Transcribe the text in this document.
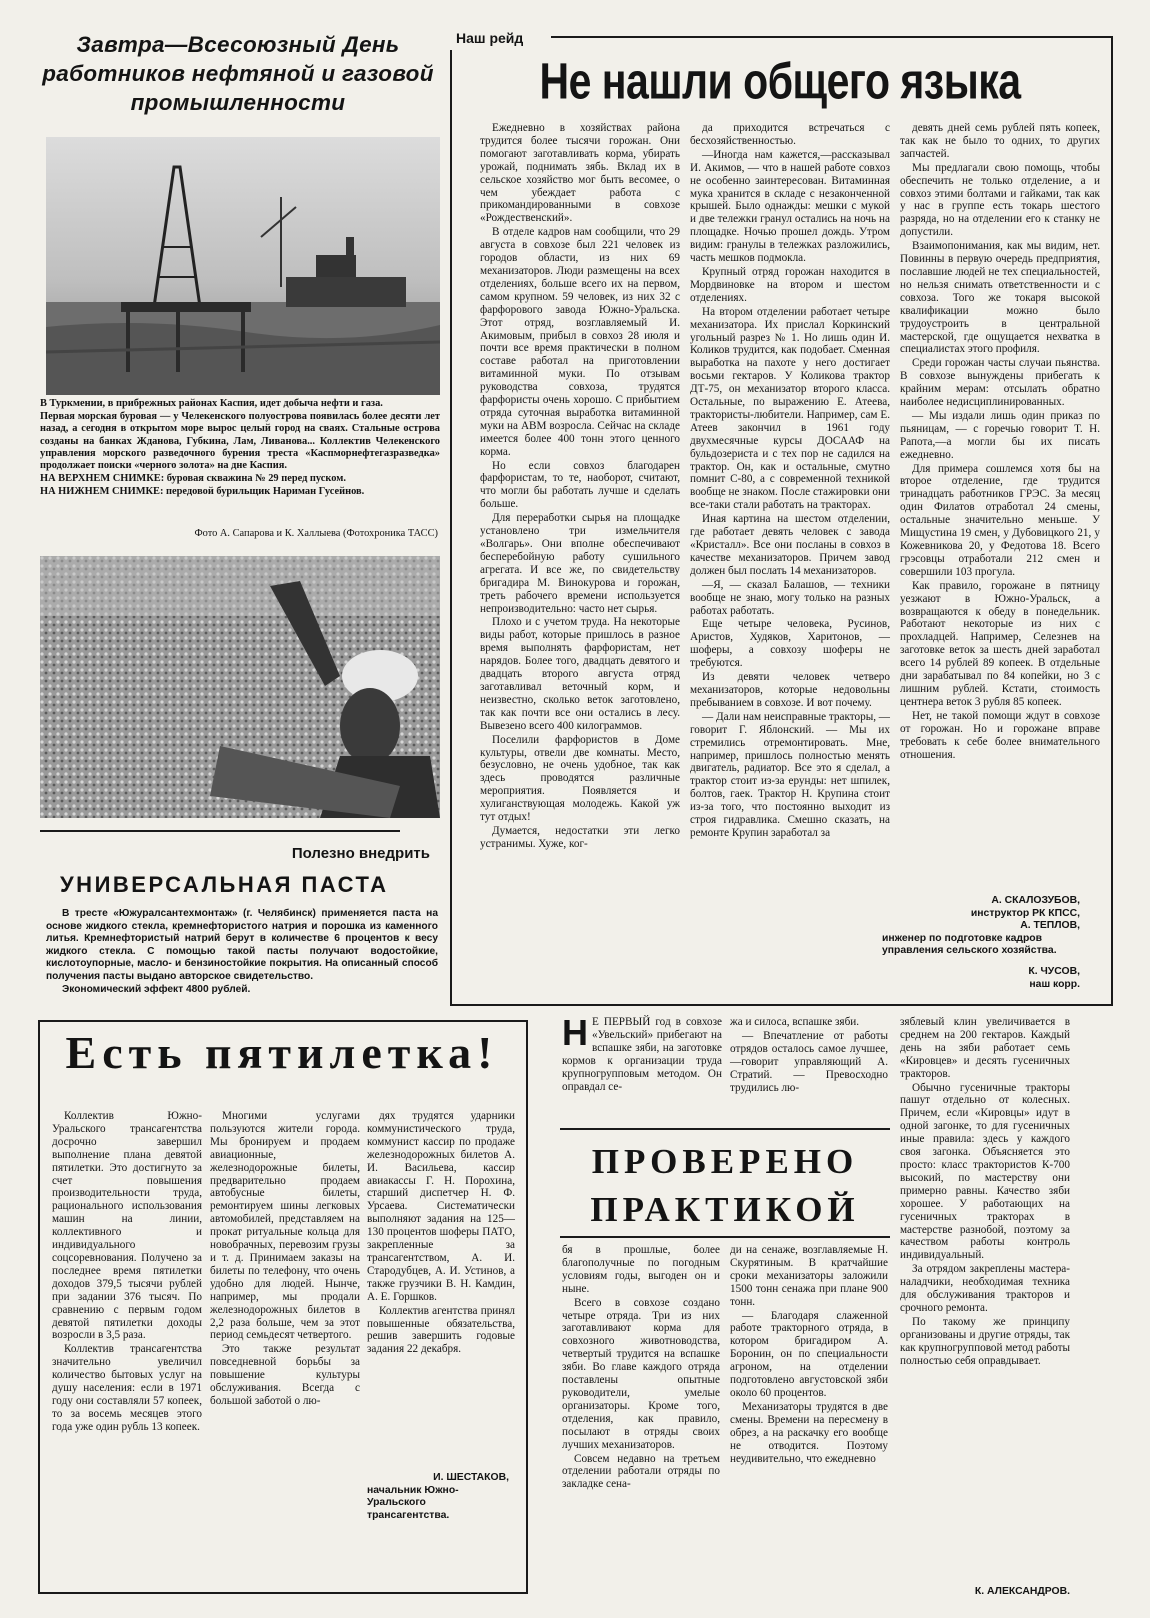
Завтра—Всесоюзный День работников нефтяной и газовой промышленности

В Туркмении, в прибрежных районах Каспия, идет добыча нефти и газа.

Первая морская буровая — у Челекенского полуострова появилась более десяти лет назад, а сегодня в открытом море вырос целый город на сваях. Стальные острова созданы на банках Жданова, Губкина, Лам, Ливанова... Коллектив Челекенского управления морского разведочного бурения треста «Каспморнефтегазразведка» продолжает поиски «черного золота» на дне Каспия.

НА ВЕРХНЕМ СНИМКЕ: буровая скважина № 29 перед пуском.

НА НИЖНЕМ СНИМКЕ: передовой бурильщик Нариман Гусейнов.

Фото А. Сапарова и К. Халлыева (Фотохроника ТАСС)
Полезно внедрить
УНИВЕРСАЛЬНАЯ ПАСТА

В тресте «Южуралсантехмонтаж» (г. Челябинск) применяется паста на основе жидкого стекла, кремнефтористого натрия и порошка из каменного литья. Кремнефтористый натрий берут в количестве 6 процентов к весу жидкого стекла. С помощью такой пасты получают водостойкие, кислотоупорные, масло- и бензиностойкие покрытия. На описанный способ получения пасты выдано авторское свидетельство.

Экономический эффект 4800 рублей.

Наш рейд
Не нашли общего языка

Ежедневно в хозяйствах района трудится более тысячи горожан. Они помогают заготавливать корма, убирать урожай, поднимать зябь. Вклад их в сельское хозяйство мог быть весомее, о чем убеждает работа с прикомандированными в совхозе «Рождественский».

В отделе кадров нам сообщили, что 29 августа в совхозе был 221 человек из городов области, из них 69 механизаторов. Люди размещены на всех отделениях, больше всего их на первом, самом крупном. 59 человек, из них 32 с фарфорового завода Южно-Уральска. Этот отряд, возглавляемый И. Акимовым, прибыл в совхоз 28 июля и почти все время практически в полном составе работал на приготовлении витаминной муки. По отзывам руководства совхоза, трудятся фарфористы очень хорошо. С прибытием отряда суточная выработка витаминной муки на АВМ возросла. Сейчас на складе имеется более 400 тонн этого ценного корма.

Но если совхоз благодарен фарфористам, то те, наоборот, считают, что могли бы работать лучше и сделать больше.

Для переработки сырья на площадке установлено три измельчителя «Волгарь». Они вполне обеспечивают бесперебойную работу сушильного агрегата. И все же, по свидетельству бригадира М. Винокурова и горожан, треть рабочего времени используется непроизводительно: часто нет сырья.

Плохо и с учетом труда. На некоторые виды работ, которые пришлось в разное время выполнять фарфористам, нет нарядов. Более того, двадцать девятого и двадцать второго августа отряд заготавливал веточный корм, и неизвестно, сколько веток заготовлено, так как почти все они остались в лесу. Вывезено всего 400 килограммов.

Поселили фарфористов в Доме культуры, отвели две комнаты. Место, безусловно, не очень удобное, так как здесь проводятся различные мероприятия. Появляется и хулиганствующая молодежь. Какой уж тут отдых!

Думается, недостатки эти легко устранимы. Хуже, ког-

да приходится встречаться с бесхозяйственностью.

—Иногда нам кажется,—рассказывал И. Акимов, — что в нашей работе совхоз не особенно заинтересован. Витаминная мука хранится в складе с незаконченной крышей. Было однажды: мешки с мукой и две тележки гранул остались на ночь на площадке. Ночью прошел дождь. Утром видим: гранулы в тележках разложились, часть мешков подмокла.

Крупный отряд горожан находится в Мордвиновке на втором и шестом отделениях.

На втором отделении работает четыре механизатора. Их прислал Коркинский угольный разрез № 1. Но лишь один И. Коликов трудится, как подобает. Сменная выработка на пахоте у него достигает восьми гектаров. У Коликова трактор ДТ-75, он механизатор второго класса. Остальные, по выражению Е. Атеева, трактористы-любители. Например, сам Е. Атеев закончил в 1961 году двухмесячные курсы ДОСААФ на бульдозериста и с тех пор не садился на трактор. Он, как и остальные, смутно помнит С-80, а с современной техникой вообще не знаком. После стажировки они все-таки стали работать на тракторах.

Иная картина на шестом отделении, где работает девять человек с завода «Кристалл». Все они посланы в совхоз в качестве механизаторов. Причем завод должен был послать 14 механизаторов.

—Я, — сказал Балашов, — техники вообще не знаю, могу только на разных работах работать.

Еще четыре человека, Русинов, Аристов, Худяков, Харитонов, — шоферы, а совхозу шоферы не требуются.

Из девяти человек четверо механизаторов, которые недовольны пребыванием в совхозе. И вот почему.

— Дали нам неисправные тракторы, — говорит Г. Яблонский. — Мы их стремились отремонтировать. Мне, например, пришлось полностью менять двигатель, радиатор. Все это я сделал, а трактор стоит из-за ерунды: нет шпилек, болтов, гаек. Трактор Н. Крупина стоит из-за того, что постоянно выходит из строя гидравлика. Смешно сказать, на ремонте Крупин заработал за

девять дней семь рублей пять копеек, так как не было то одних, то других запчастей.

Мы предлагали свою помощь, чтобы обеспечить не только отделение, а и совхоз этими болтами и гайками, так как у нас в группе есть токарь шестого разряда, но на отделении его к станку не допустили.

Взаимопонимания, как мы видим, нет. Повинны в первую очередь предприятия, пославшие людей не тех специальностей, но нельзя снимать ответственности и с совхоза. Того же токаря высокой квалификации можно было трудоустроить в центральной мастерской, где ощущается нехватка в специалистах этого профиля.

Среди горожан часты случаи пьянства. В совхозе вынуждены прибегать к крайним мерам: отсылать обратно наиболее недисциплинированных.

— Мы издали лишь один приказ по пьяницам, — с горечью говорит Т. Н. Рапота,—а могли бы их писать ежедневно.

Для примера сошлемся хотя бы на второе отделение, где трудится тринадцать работников ГРЭС. За месяц один Филатов отработал 24 смены, остальные значительно меньше. У Мищустина 19 смен, у Дубовицкого 21, у Кожевникова 20, у Федотова 18. Всего грэсовцы отработали 212 смен и совершили 103 прогула.

Как правило, горожане в пятницу уезжают в Южно-Уральск, а возвращаются к обеду в понедельник. Работают некоторые из них с прохладцей. Например, Селезнев на заготовке веток за шесть дней заработал всего 14 рублей 89 копеек. В отдельные дни зарабатывал по 84 копейки, но 3 с лишним рублей. Кстати, стоимость центнера веток 3 рубля 85 копеек.

Нет, не такой помощи ждут в совхозе от горожан. Но и горожане вправе требовать к себе более внимательного отношения.

А. СКАЛОЗУБОВ,
инструктор РК КПСС,
А. ТЕПЛОВ,
инженер по подготовке кадров управления сельского хозяйства.
К. ЧУСОВ,
наш корр.
Есть пятилетка!

Коллектив Южно-Уральского трансагентства досрочно завершил выполнение плана девятой пятилетки. Это достигнуто за счет повышения производительности труда, рационального использования машин на линии, коллективного и индивидуального соцсоревнования. Получено за последнее время пятилетки доходов 379,5 тысячи рублей при задании 376 тысяч. По сравнению с первым годом девятой пятилетки доходы возросли в 3,5 раза.

Коллектив трансагентства значительно увеличил количество бытовых услуг на душу населения: если в 1971 году они составляли 57 копеек, то за восемь месяцев этого года уже один рубль 13 копеек.

Многими услугами пользуются жители города. Мы бронируем и продаем авиационные, железнодорожные билеты, предварительно продаем автобусные билеты, ремонтируем шины легковых автомобилей, представляем на прокат ритуальные кольца для новобрачных, перевозим грузы и т. д. Принимаем заказы на билеты по телефону, что очень удобно для людей. Нынче, например, мы продали железнодорожных билетов в 2,2 раза больше, чем за этот период семьдесят четвертого.

Это также результат повседневной борьбы за повышение культуры обслуживания. Всегда с большой заботой о лю-

дях трудятся ударники коммунистического труда, коммунист кассир по продаже железнодорожных билетов А. И. Васильева, кассир авиакассы Г. Н. Порохина, старший диспетчер Н. Ф. Урсаева. Систематически выполняют задания на 125—130 процентов шоферы ПАТО, закрепленные за трансагентством, А. И. Стародубцев, А. И. Устинов, а также грузчики В. Н. Камдин, А. Е. Горшков.

Коллектив агентства принял повышенные обязательства, решив завершить годовые задания 22 декабря.

И. ШЕСТАКОВ,
начальник Южно-Уральского трансагентства.
Н Е ПЕРВЫЙ год в совхозе «Увельский» прибегают на вспашке зяби, на заготовке кормов к организации труда крупногрупповым методом. Он оправдал се-

жа и силоса, вспашке зяби.

— Впечатление от работы отрядов осталось самое лучшее,—говорит управляющий А. Стратий. — Превосходно трудились лю-

ПРОВЕРЕНО ПРАКТИКОЙ

бя в прошлые, более благополучные по погодным условиям годы, выгоден он и ныне.

Всего в совхозе создано четыре отряда. Три из них заготавливают корма для совхозного животноводства, четвертый трудится на вспашке зяби. Во главе каждого отряда поставлены опытные руководители, умелые организаторы. Кроме того, отделения, как правило, посылают в отряды своих лучших механизаторов.

Совсем недавно на третьем отделении работали отряды по закладке сена-

ди на сенаже, возглавляемые Н. Скурятиным. В кратчайшие сроки механизаторы заложили 1500 тонн сенажа при плане 900 тонн.

— Благодаря слаженной работе тракторного отряда, в котором бригадиром А. Боронин, он по специальности агроном, на отделении подготовлено августовской зяби около 60 процентов.

Механизаторы трудятся в две смены. Времени на пересмену в обрез, а на раскачку его вообще не отводится. Поэтому неудивительно, что ежедневно

зяблевый клин увеличивается в среднем на 200 гектаров. Каждый день на зяби работает семь «Кировцев» и десять гусеничных тракторов.

Обычно гусеничные тракторы пашут отдельно от колесных. Причем, если «Кировцы» идут в одной загонке, то для гусеничных иные правила: здесь у каждого своя загонка. Объясняется это просто: класс трактористов К-700 высокий, по мастерству они примерно равны. Качество зяби хорошее. У работающих на гусеничных тракторах в мастерстве разнобой, поэтому за качеством работы контроль индивидуальный.

За отрядом закреплены мастера-наладчики, необходимая техника для обслуживания тракторов и срочного ремонта.

По такому же принципу организованы и другие отряды, так как крупногрупповой метод работы полностью себя оправдывает.

К. АЛЕКСАНДРОВ.
